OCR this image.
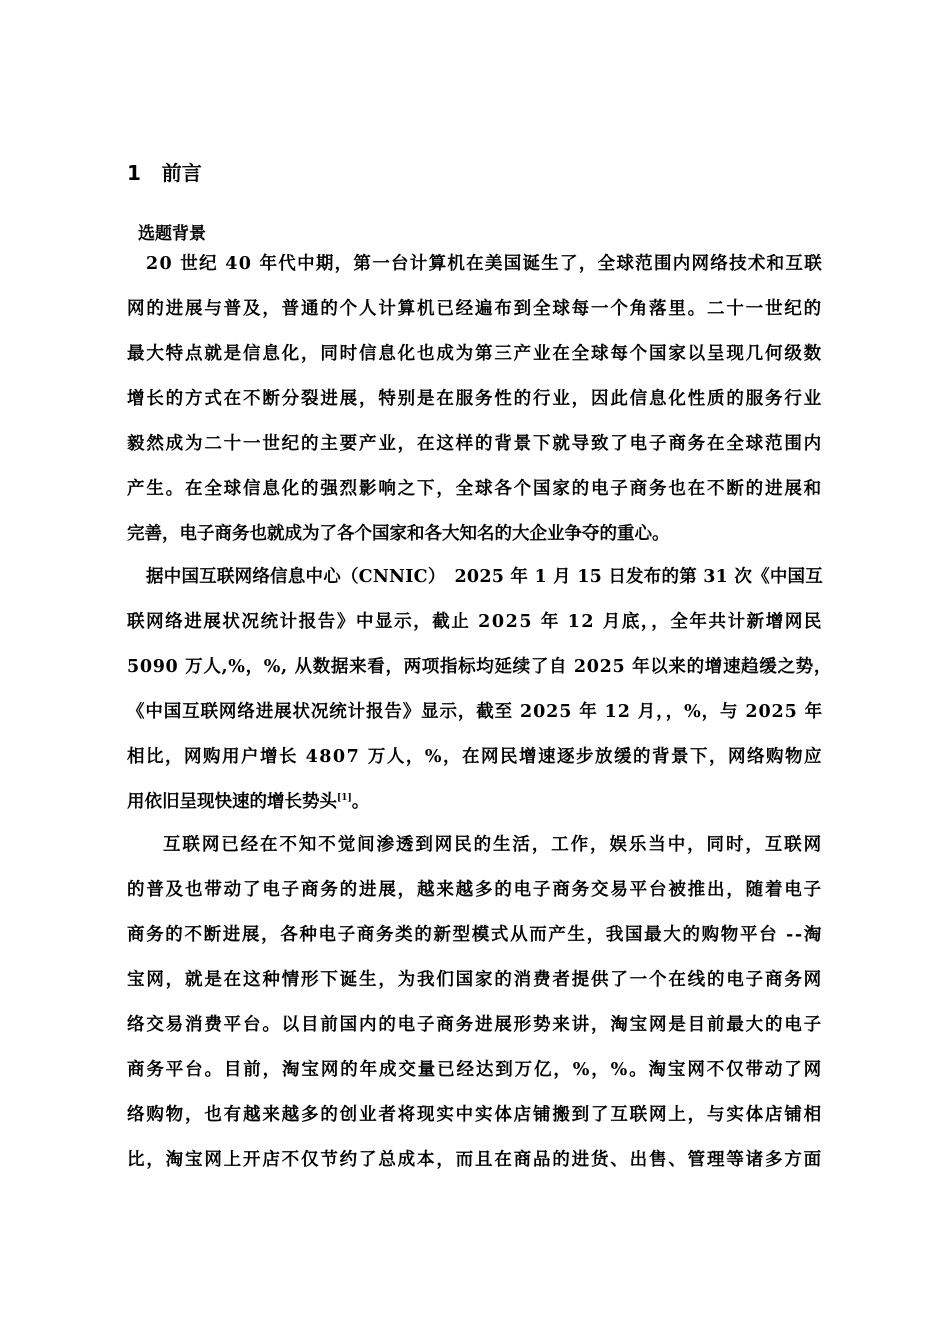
1   前言
选题背景
20 世纪 40 年代中期，第一台计算机在美国诞生了，全球范围内网络技术和互联
网的进展与普及，普通的个人计算机已经遍布到全球每一个角落里。二十一世纪的
最大特点就是信息化，同时信息化也成为第三产业在全球每个国家以呈现几何级数
增长的方式在不断分裂进展，特别是在服务性的行业，因此信息化性质的服务行业
毅然成为二十一世纪的主要产业，在这样的背景下就导致了电子商务在全球范围内
产生。在全球信息化的强烈影响之下，全球各个国家的电子商务也在不断的进展和
完善，电子商务也就成为了各个国家和各大知名的大企业争夺的重心。
据中国互联网络信息中心（CNNIC）　2025 年 1 月 15 日发布的第 31 次《中国互
联网络进展状况统计报告》中显示，截止 2025 年 12 月底，，全年共计新增网民
5090 万人,%，%, 从数据来看，两项指标均延续了自 2025 年以来的增速趋缓之势，
《中国互联网络进展状况统计报告》显示，截至 2025 年 12 月，，%，与 2025 年
相比，网购用户增长 4807 万人，%，在网民增速逐步放缓的背景下，网络购物应
用依旧呈现快速的增长势头[1]。
互联网已经在不知不觉间渗透到网民的生活，工作，娱乐当中，同时，互联网
的普及也带动了电子商务的进展，越来越多的电子商务交易平台被推出，随着电子
商务的不断进展，各种电子商务类的新型模式从而产生，我国最大的购物平台 --淘
宝网，就是在这种情形下诞生，为我们国家的消费者提供了一个在线的电子商务网
络交易消费平台。以目前国内的电子商务进展形势来讲，淘宝网是目前最大的电子
商务平台。目前，淘宝网的年成交量已经达到万亿，%，%。淘宝网不仅带动了网
络购物，也有越来越多的创业者将现实中实体店铺搬到了互联网上，与实体店铺相
比，淘宝网上开店不仅节约了总成本，而且在商品的进货、出售、管理等诸多方面
